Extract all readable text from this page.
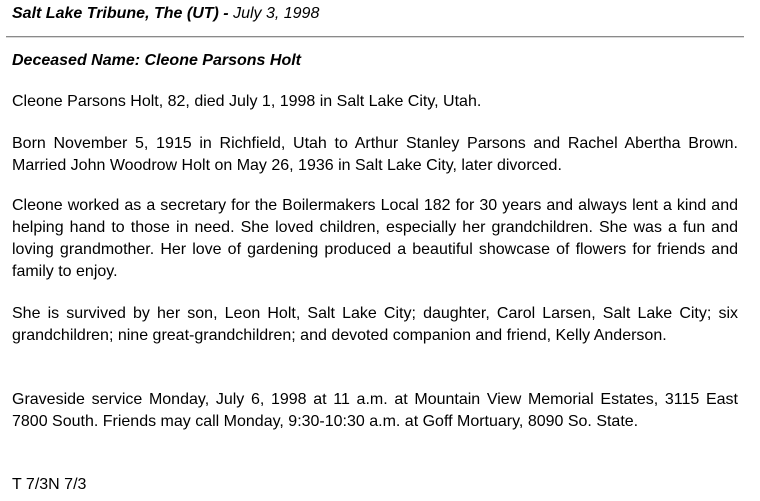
Salt Lake Tribune, The (UT) - July 3, 1998
Deceased Name: Cleone Parsons Holt

Cleone Parsons Holt, 82, died July 1, 1998 in Salt Lake City, Utah.

Born November 5, 1915 in Richfield, Utah to Arthur Stanley Parsons and Rachel Abertha Brown. Married John Woodrow Holt on May 26, 1936 in Salt Lake City, later divorced.

Cleone worked as a secretary for the Boilermakers Local 182 for 30 years and always lent a kind and helping hand to those in need. She loved children, especially her grandchildren. She was a fun and loving grandmother. Her love of gardening produced a beautiful showcase of flowers for friends and family to enjoy.

She is survived by her son, Leon Holt, Salt Lake City; daughter, Carol Larsen, Salt Lake City; six grandchildren; nine great-grandchildren; and devoted companion and friend, Kelly Anderson.

Graveside service Monday, July 6, 1998 at 11 a.m. at Mountain View Memorial Estates, 3115 East 7800 South. Friends may call Monday, 9:30-10:30 a.m. at Goff Mortuary, 8090 So. State.

T 7/3N 7/3
